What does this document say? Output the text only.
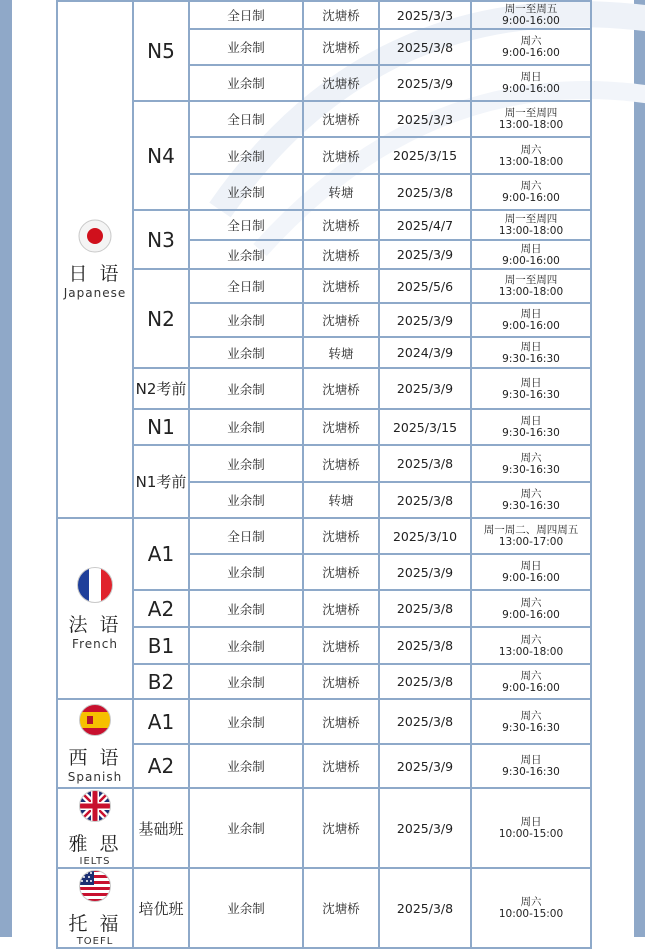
日 语
Japanese	N5	全日制	沈塘桥	2025/3/3	周一至周五
9:00-16:00

		业余制	沈塘桥	2025/3/8	周六
9:00-16:00

		业余制	沈塘桥	2025/3/9	周日
9:00-16:00

	N4	全日制	沈塘桥	2025/3/3	周一至周四
13:00-18:00

		业余制	沈塘桥	2025/3/15	周六
13:00-18:00

		业余制	转塘	2025/3/8	周六
9:00-16:00

	N3	全日制	沈塘桥	2025/4/7	周一至周四
13:00-18:00

		业余制	沈塘桥	2025/3/9	周日
9:00-16:00

	N2	全日制	沈塘桥	2025/5/6	周一至周四
13:00-18:00

		业余制	沈塘桥	2025/3/9	周日
9:00-16:00

		业余制	转塘	2024/3/9	周日
9:30-16:30

	N2考前	业余制	沈塘桥	2025/3/9	周日
9:30-16:30

	N1	业余制	沈塘桥	2025/3/15	周日
9:30-16:30

	N1考前	业余制	沈塘桥	2025/3/8	周六
9:30-16:30

		业余制	转塘	2025/3/8	周六
9:30-16:30

法 语
French	A1	全日制	沈塘桥	2025/3/10	周一周二、周四周五
13:00-17:00

		业余制	沈塘桥	2025/3/9	周日
9:00-16:00

	A2	业余制	沈塘桥	2025/3/8	周六
9:00-16:00

	B1	业余制	沈塘桥	2025/3/8	周六
13:00-18:00

	B2	业余制	沈塘桥	2025/3/8	周六
9:00-16:00

西 语
Spanish	A1	业余制	沈塘桥	2025/3/8	周六
9:30-16:30

	A2	业余制	沈塘桥	2025/3/9	周日
9:30-16:30

雅 思
IELTS	基础班	业余制	沈塘桥	2025/3/9	周日
10:00-15:00

托 福
TOEFL	培优班	业余制	沈塘桥	2025/3/8	周六
10:00-15:00
